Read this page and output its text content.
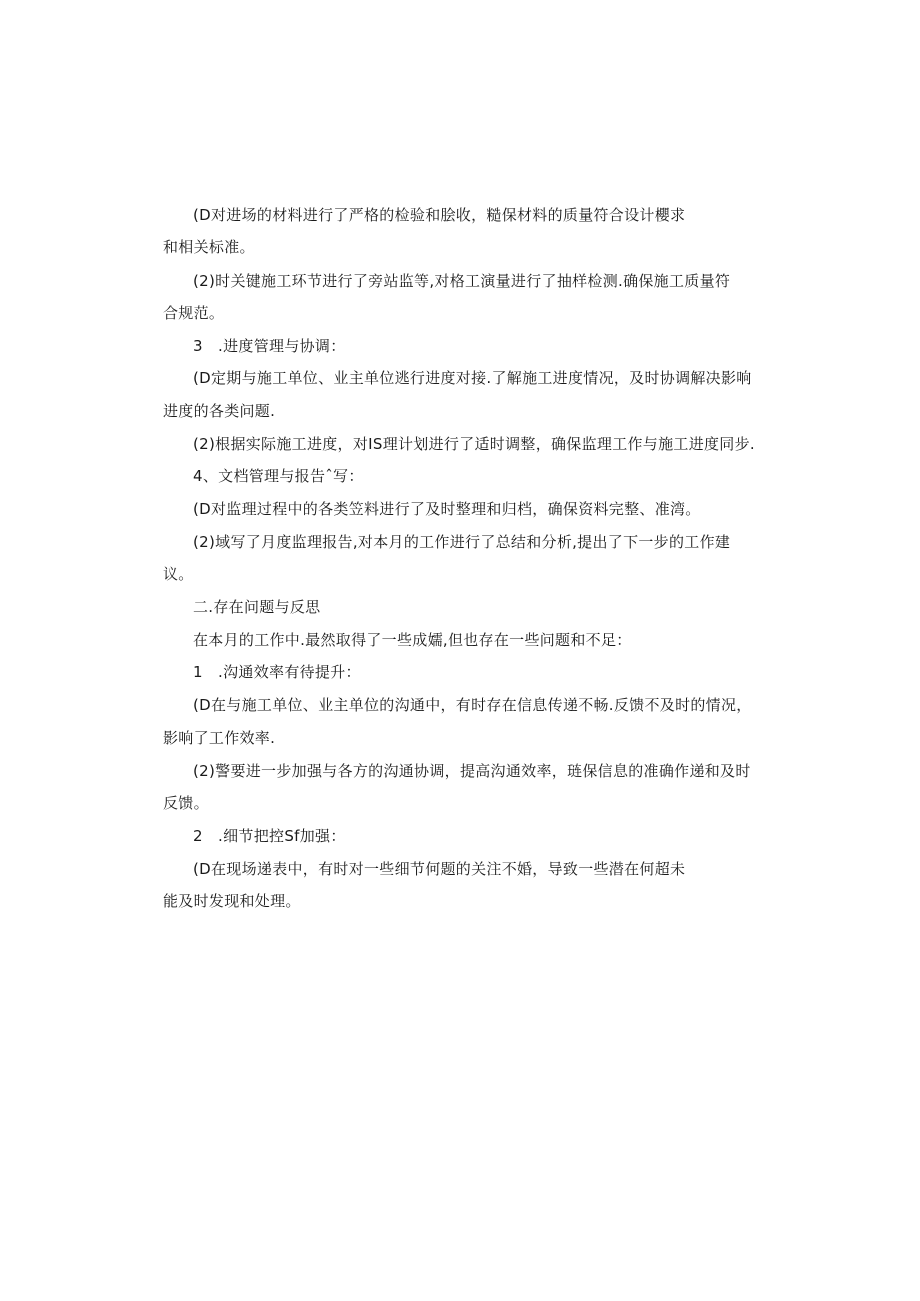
(D对进场的材料进行了严格的检验和脍收，糙保材料的质量符合设计櫻求
和相关标准。
(2)时关键施工环节进行了旁站监等,对格工演量进行了抽样检测.确保施工质量符
合规范。
3   .进度管理与协调：
(D定期与施工单位、业主单位逃行进度对接.了解施工进度情况，及时协调解决影响
进度的各类问题.
(2)根据实际施工进度，对IS理计划进行了适时调整，确保监理工作与施工进度同步.
4、文档管理与报告ˆ写：
(D对监理过程中的各类笠料进行了及时整理和归档，确保资料完整、准湾。
(2)域写了月度监理报告,对本月的工作进行了总结和分析,提出了下一步的工作建
议。
二.存在问题与反思
在本月的工作中.最然取得了一些成嬬,但也存在一些问题和不足：
1   .沟通效率有待提升：
(D在与施工单位、业主单位的沟通中，有时存在信息传递不畅.反馈不及时的情况，
影响了工作效率.
(2)警要进一步加强与各方的沟通协调，提高沟通效率，琏保信息的准确作递和及时
反馈。
2   .细节把控Sf加强：
(D在现场递表中，有时对一些细节何题的关注不婚，导致一些潜在何超未
能及时发现和处理。
